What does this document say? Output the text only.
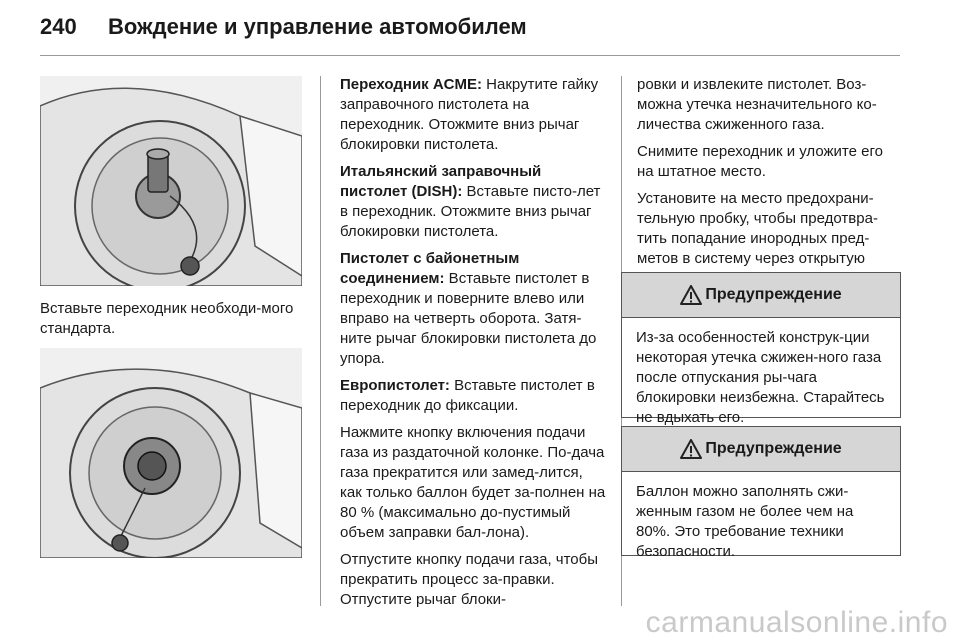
240	Вождение и управление автомобилем
Вставьте переходник необходи-мого стандарта.

Переходник ACME: Накрутите гайку заправочного пистолета на переходник. Отожмите вниз рычаг блокировки пистолета.

Итальянский заправочный пистолет (DISH): Вставьте писто-лет в переходник. Отожмите вниз рычаг блокировки пистолета.

Пистолет с байонетным соединением: Вставьте пистолет в переходник и поверните влево или вправо на четверть оборота. Затя-ните рычаг блокировки пистолета до упора.

Европистолет: Вставьте пистолет в переходник до фиксации.

Нажмите кнопку включения подачи газа из раздаточной колонке. По-дача газа прекратится или замед-лится, как только баллон будет за-полнен на 80 % (максимально до-пустимый объем заправки бал-лона).

Отпустите кнопку подачи газа, чтобы прекратить процесс за-правки. Отпустите рычаг блоки-

ровки и извлеките пистолет. Воз-можна утечка незначительного ко-личества сжиженного газа.

Снимите переходник и уложите его на штатное место.

Установите на место предохрани-тельную пробку, чтобы предотвра-тить попадание инородных пред-метов в систему через открытую

Предупреждение
Из-за особенностей конструк-ции некоторая утечка сжижен-ного газа после отпускания ры-чага блокировки неизбежна. Старайтесь не вдыхать его.
Предупреждение
Баллон можно заполнять сжи-женным газом не более чем на 80%. Это требование техники безопасности.
carmanualsonline.info
